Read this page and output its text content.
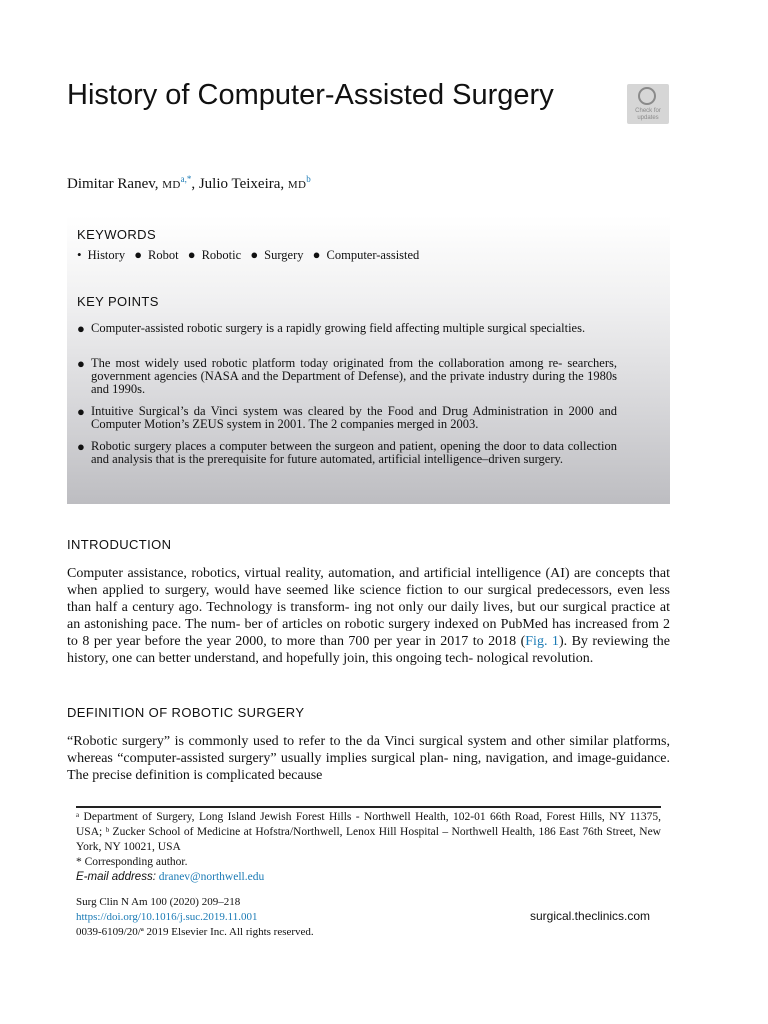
History of Computer-Assisted Surgery	Check for updates
Dimitar Ranev, $MD^{a,*}$, Julio Teixeira, $MD^b$
KEYWORDS
• History ● Robot ● Robotic ● Surgery ● Computer-assisted
KEY POINTS
● Computer-assisted robotic surgery is a rapidly growing field affecting multiple surgical specialties.
● The most widely used robotic platform today originated from the collaboration among re- searchers, government agencies (NASA and the Department of Defense), and the private industry during the 1980s and 1990s.
● Intuitive Surgical’s da Vinci system was cleared by the Food and Drug Administration in 2000 and Computer Motion’s ZEUS system in 2001. The 2 companies merged in 2003.
● Robotic surgery places a computer between the surgeon and patient, opening the door to data collection and analysis that is the prerequisite for future automated, artificial intelligence–driven surgery.
INTRODUCTION
Computer assistance, robotics, virtual reality, automation, and artificial intelligence (AI) are concepts that when applied to surgery, would have seemed like science fiction to our surgical predecessors, even less than half a century ago. Technology is transform- ing not only our daily lives, but our surgical practice at an astonishing pace. The num- ber of articles on robotic surgery indexed on PubMed has increased from 2 to 8 per year before the year 2000, to more than 700 per year in 2017 to 2018 (Fig. 1). By reviewing the history, one can better understand, and hopefully join, this ongoing tech- nological revolution.
DEFINITION OF ROBOTIC SURGERY
“Robotic surgery” is commonly used to refer to the da Vinci surgical system and other similar platforms, whereas “computer-assisted surgery” usually implies surgical plan- ning, navigation, and image-guidance. The precise definition is complicated because
ᵃ Department of Surgery, Long Island Jewish Forest Hills - Northwell Health, 102-01 66th Road, Forest Hills, NY 11375, USA; ᵇ Zucker School of Medicine at Hofstra/Northwell, Lenox Hill Hospital – Northwell Health, 186 East 76th Street, New York, NY 10021, USA
* Corresponding author.
E-mail address: dranev@northwell.edu
Surg Clin N Am 100 (2020) 209–218
https://doi.org/10.1016/j.suc.2019.11.001
0039-6109/20/ª 2019 Elsevier Inc. All rights reserved.
surgical.theclinics.com
